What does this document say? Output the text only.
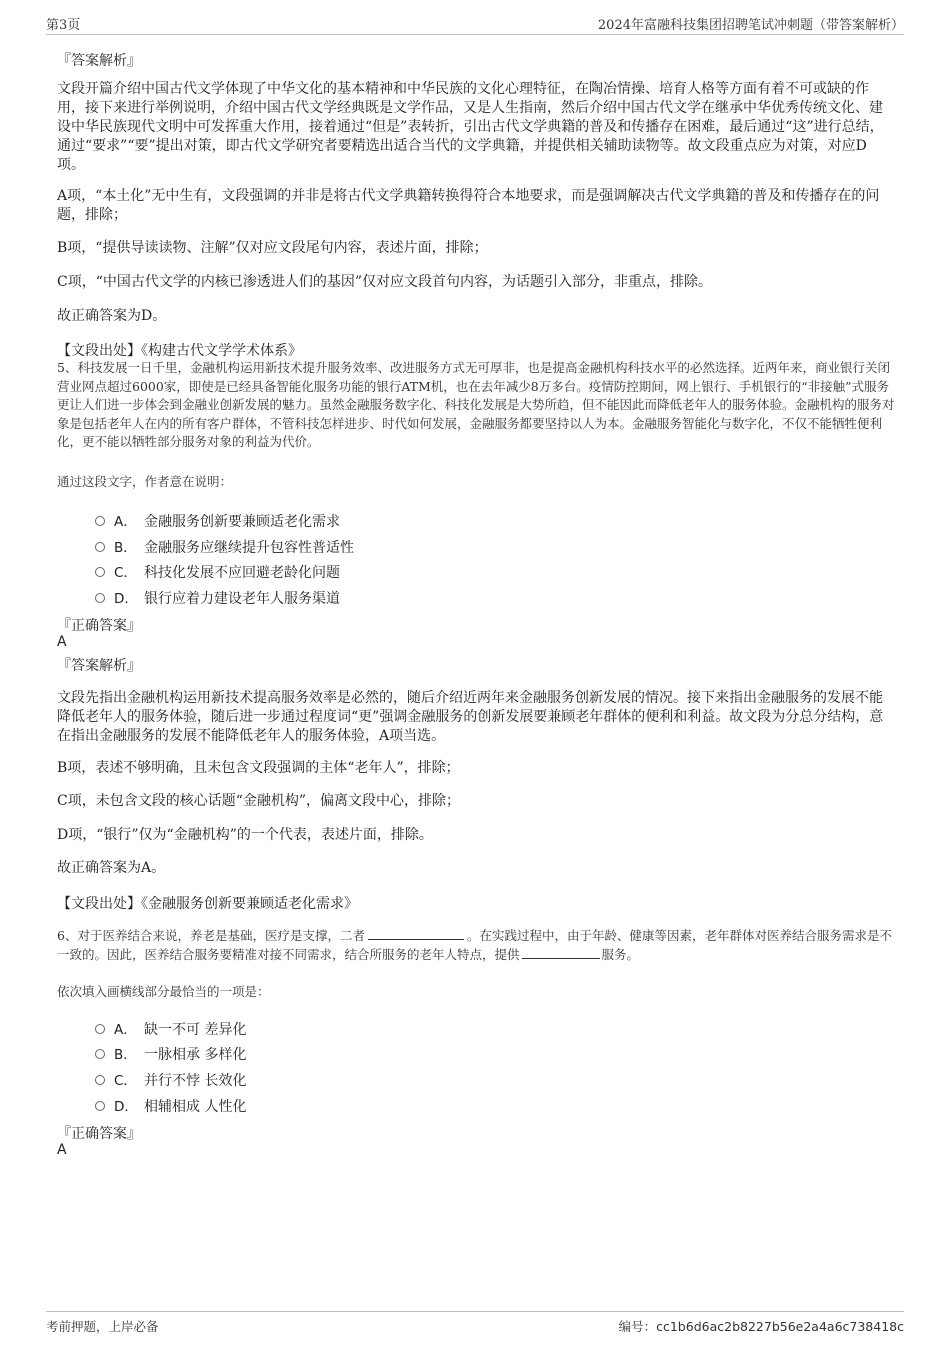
第3页	2024年富融科技集团招聘笔试冲刺题（带答案解析）
『答案解析』

文段开篇介绍中国古代文学体现了中华文化的基本精神和中华民族的文化心理特征，在陶冶情操、培育人格等方面有着不可或缺的作用，接下来进行举例说明，介绍中国古代文学经典既是文学作品，又是人生指南，然后介绍中国古代文学在继承中华优秀传统文化、建设中华民族现代文明中可发挥重大作用，接着通过“但是”表转折，引出古代文学典籍的普及和传播存在困难，最后通过“这”进行总结，通过“要求”“要”提出对策，即古代文学研究者要精选出适合当代的文学典籍，并提供相关辅助读物等。故文段重点应为对策，对应D项。

A项，“本土化”无中生有，文段强调的并非是将古代文学典籍转换得符合本地要求，而是强调解决古代文学典籍的普及和传播存在的问题，排除；

B项，“提供导读读物、注解”仅对应文段尾句内容，表述片面，排除；

C项，“中国古代文学的内核已渗透进人们的基因”仅对应文段首句内容，为话题引入部分，非重点，排除。

故正确答案为D。

【文段出处】《构建古代文学学术体系》

5、科技发展一日千里，金融机构运用新技术提升服务效率、改进服务方式无可厚非，也是提高金融机构科技水平的必然选择。近两年来，商业银行关闭营业网点超过6000家，即使是已经具备智能化服务功能的银行ATM机，也在去年减少8万多台。疫情防控期间，网上银行、手机银行的“非接触”式服务更让人们进一步体会到金融业创新发展的魅力。虽然金融服务数字化、科技化发展是大势所趋，但不能因此而降低老年人的服务体验。金融机构的服务对象是包括老年人在内的所有客户群体，不管科技怎样进步、时代如何发展，金融服务都要坚持以人为本。金融服务智能化与数字化，不仅不能牺牲便利化，更不能以牺牲部分服务对象的利益为代价。

通过这段文字，作者意在说明：
A． 金融服务创新要兼顾适老化需求
B． 金融服务应继续提升包容性普适性
C． 科技化发展不应回避老龄化问题
D． 银行应着力建设老年人服务渠道
『正确答案』
A
『答案解析』

文段先指出金融机构运用新技术提高服务效率是必然的，随后介绍近两年来金融服务创新发展的情况。接下来指出金融服务的发展不能降低老年人的服务体验，随后进一步通过程度词“更”强调金融服务的创新发展要兼顾老年群体的便利和利益。故文段为分总分结构，意在指出金融服务的发展不能降低老年人的服务体验，A项当选。

B项，表述不够明确，且未包含文段强调的主体“老年人”，排除；

C项，未包含文段的核心话题“金融机构”，偏离文段中心，排除；

D项，“银行”仅为“金融机构”的一个代表，表述片面，排除。

故正确答案为A。

【文段出处】《金融服务创新要兼顾适老化需求》

6、对于医养结合来说，养老是基础，医疗是支撑，二者	。在实践过程中，由于年龄、健康等因素，老年群体对医养结合服务需求是不一致的。因此，医养结合服务要精准对接不同需求，结合所服务的老年人特点，提供	服务。

依次填入画横线部分最恰当的一项是：
A． 缺一不可 差异化
B． 一脉相承 多样化
C． 并行不悖 长效化
D． 相辅相成 人性化
『正确答案』
A
考前押题，上岸必备	编号：cc1b6d6ac2b8227b56e2a4a6c738418c
